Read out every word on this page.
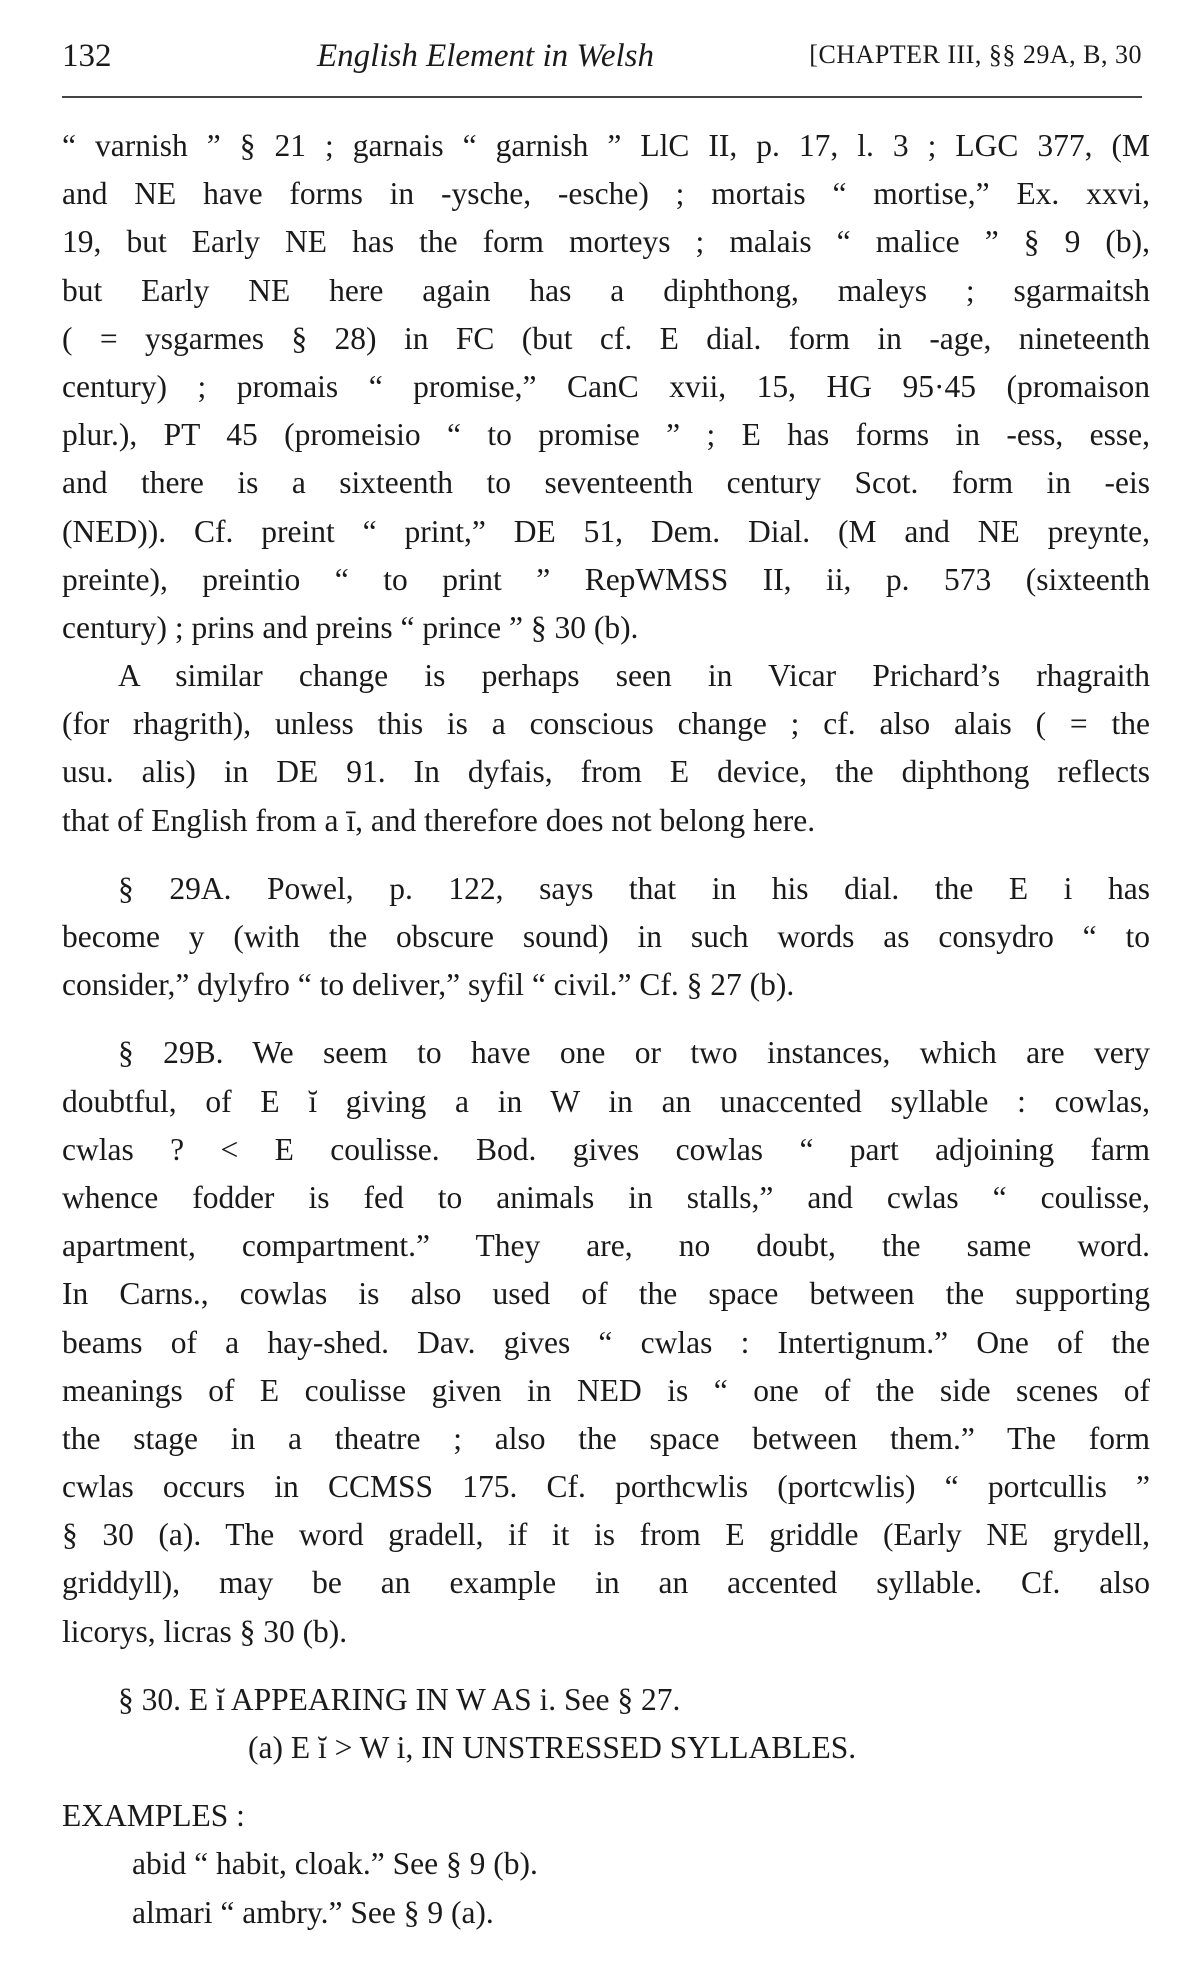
132	English Element in Welsh	[CHAPTER III, §§ 29A, B, 30
“ varnish ” § 21 ; garnais “ garnish ” LlC II, p. 17, l. 3 ; LGC 377, (M
and NE have forms in -ysche, -esche) ; mortais “ mortise,” Ex. xxvi,
19, but Early NE has the form morteys ; malais “ malice ” § 9 (b),
but Early NE here again has a diphthong, maleys ; sgarmaitsh
( = ysgarmes § 28) in FC (but cf. E dial. form in -age, nineteenth
century) ; promais “ promise,” CanC xvii, 15, HG 95·45 (promaison
plur.), PT 45 (promeisio “ to promise ” ; E has forms in -ess, esse,
and there is a sixteenth to seventeenth century Scot. form in -eis
(NED)). Cf. preint “ print,” DE 51, Dem. Dial. (M and NE preynte,
preinte), preintio “ to print ” RepWMSS II, ii, p. 573 (sixteenth
century) ; prins and preins “ prince ” § 30 (b).
A similar change is perhaps seen in Vicar Prichard’s rhagraith
(for rhagrith), unless this is a conscious change ; cf. also alais ( = the
usu. alis) in DE 91. In dyfais, from E device, the diphthong reflects
that of English from a ī, and therefore does not belong here.
§ 29A. Powel, p. 122, says that in his dial. the E i has
become y (with the obscure sound) in such words as consydro “ to
consider,” dylyfro “ to deliver,” syfil “ civil.” Cf. § 27 (b).
§ 29B. We seem to have one or two instances, which are very
doubtful, of E ĭ giving a in W in an unaccented syllable : cowlas,
cwlas ? < E coulisse. Bod. gives cowlas “ part adjoining farm
whence fodder is fed to animals in stalls,” and cwlas “ coulisse,
apartment, compartment.” They are, no doubt, the same word.
In Carns., cowlas is also used of the space between the supporting
beams of a hay-shed. Dav. gives “ cwlas : Intertignum.” One of the
meanings of E coulisse given in NED is “ one of the side scenes of
the stage in a theatre ; also the space between them.” The form
cwlas occurs in CCMSS 175. Cf. porthcwlis (portcwlis) “ portcullis ”
§ 30 (a). The word gradell, if it is from E griddle (Early NE grydell,
griddyll), may be an example in an accented syllable. Cf. also
licorys, licras § 30 (b).
§ 30. E ĭ APPEARING IN W AS i. See § 27.
(a) E ĭ > W i, IN UNSTRESSED SYLLABLES.
EXAMPLES :
abid “ habit, cloak.” See § 9 (b).
almari “ ambry.” See § 9 (a).
